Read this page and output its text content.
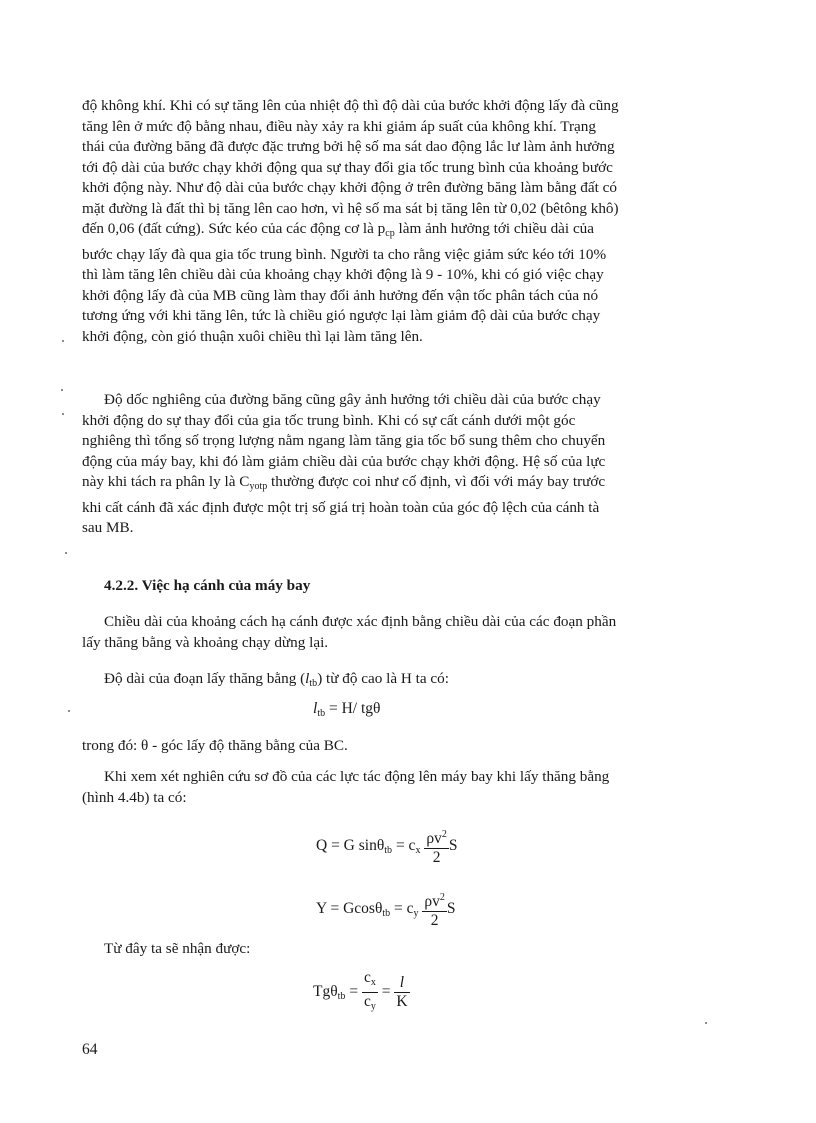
độ không khí. Khi có sự tăng lên của nhiệt độ thì độ dài của bước khởi động lấy đà cũng
tăng lên ở mức độ bằng nhau, điều này xảy ra khi giảm áp suất của không khí. Trạng
thái của đường băng đã được đặc trưng bởi hệ số ma sát dao động lắc lư làm ảnh hưởng
tới độ dài của bước chạy khởi động qua sự thay đổi gia tốc trung bình của khoảng bước
khởi động này. Như độ dài của bước chạy khởi động ở trên đường băng làm bằng đất có
mặt đường là đất thì bị tăng lên cao hơn, vì hệ số ma sát bị tăng lên từ 0,02 (bêtông khô)
đến 0,06 (đất cứng). Sức kéo của các động cơ là $p_{cp}$ làm ảnh hưởng tới chiều dài của
bước chạy lấy đà qua gia tốc trung bình. Người ta cho rằng việc giảm sức kéo tới 10%
thì làm tăng lên chiều dài của khoảng chạy khởi động là 9 - 10%, khi có gió việc chạy
khởi động lấy đà của MB cũng làm thay đổi ảnh hưởng đến vận tốc phân tách của nó
tương ứng với khi tăng lên, tức là chiều gió ngược lại làm giảm độ dài của bước chạy
khởi động, còn gió thuận xuôi chiều thì lại làm tăng lên.
Độ dốc nghiêng của đường băng cũng gây ảnh hưởng tới chiều dài của bước chạy
khởi động do sự thay đổi của gia tốc trung bình. Khi có sự cất cánh dưới một góc
nghiêng thì tổng số trọng lượng nằm ngang làm tăng gia tốc bổ sung thêm cho chuyển
động của máy bay, khi đó làm giảm chiều dài của bước chạy khởi động. Hệ số của lực
này khi tách ra phân ly là $C_{yotp}$ thường được coi như cố định, vì đối với máy bay trước
khi cất cánh đã xác định được một trị số giá trị hoàn toàn của góc độ lệch của cánh tà
sau MB.
4.2.2. Việc hạ cánh của máy bay
Chiều dài của khoảng cách hạ cánh được xác định bằng chiều dài của các đoạn phần
lấy thăng bằng và khoảng chạy dừng lại.
Độ dài của đoạn lấy thăng bằng $(l_{tb})$ từ độ cao là H ta có:
$l_{tb} = H/$ tgθ
trong đó: θ - góc lấy độ thăng bằng của BC.
Khi xem xét nghiên cứu sơ đồ của các lực tác động lên máy bay khi lấy thăng bằng
(hình 4.4b) ta có:
Q = G $\sin\theta_{tb} = c_x \frac{\rho v^2}{2}$ S
$Y = Gcos\theta_{tb} = c_y \frac{\rho v^2}{2}$ S
Từ đây ta sẽ nhận được:
$Tg\theta_{tb} = \frac{c_x}{c_y} = \frac{l}{K}$
64
